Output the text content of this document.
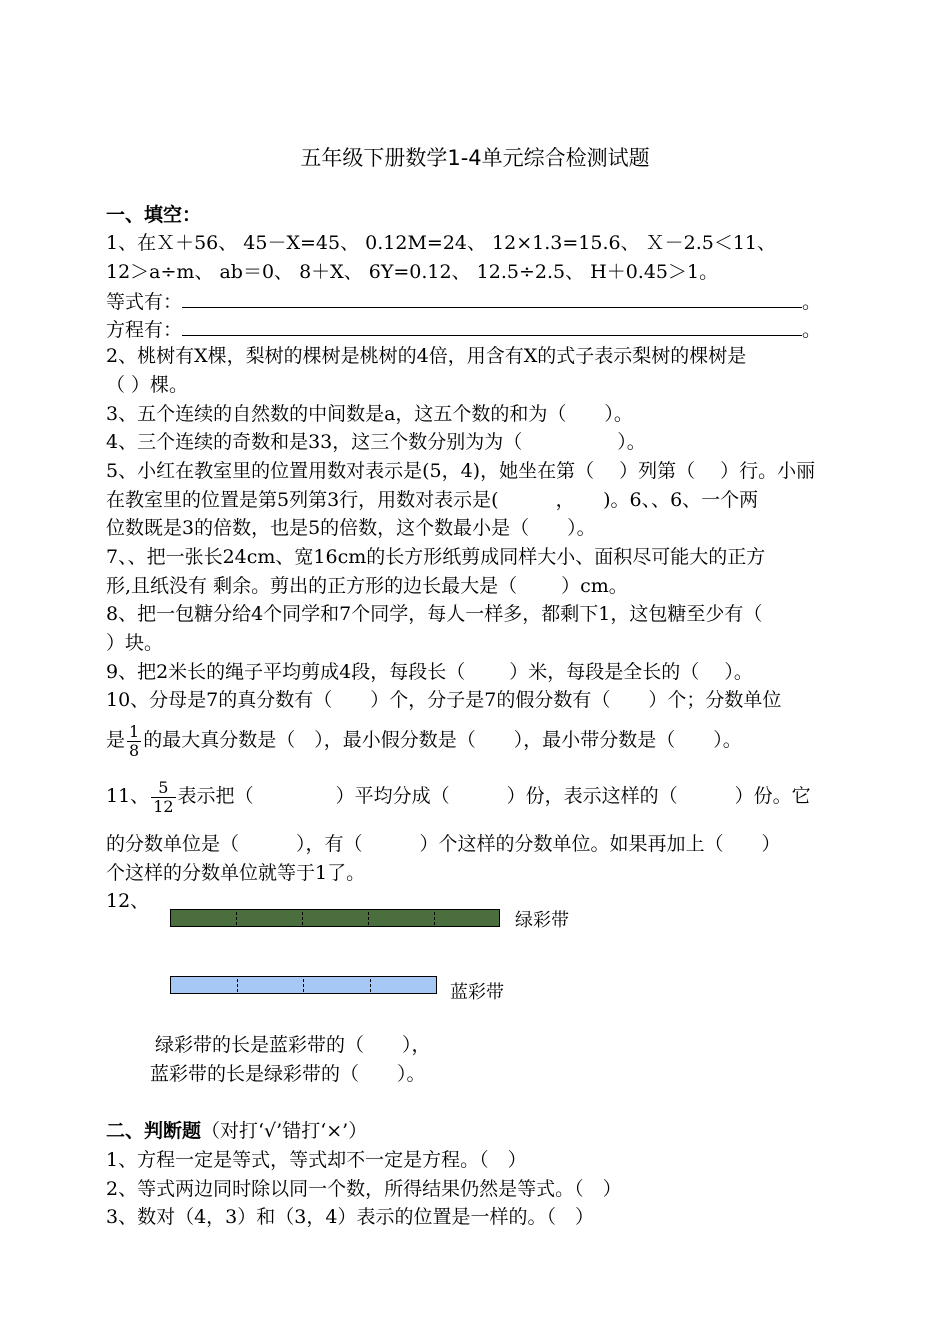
五年级下册数学1-4单元综合检测试题
一、填空：
1、在Ｘ＋56、 45－X=45、 0.12M=24、 12×1.3=15.6、 Ｘ－2.5＜11、
12＞a÷m、 ab＝0、 8＋X、 6Y=0.12、 12.5÷2.5、 H＋0.45＞1。
等式有：	。
方程有：	。
2、桃树有X棵，梨树的棵树是桃树的4倍，用含有X的式子表示梨树的棵树是
（ ）棵。
3、五个连续的自然数的中间数是a，这五个数的和为（　　）。
4、三个连续的奇数和是33，这三个数分别为为（　　　　　）。
5、小红在教室里的位置用数对表示是(5，4)，她坐在第（　 ）列第（　 ）行。小丽
在教室里的位置是第5列第3行，用数对表示是(　　　，　　)。6、、6、一个两
位数既是3的倍数，也是5的倍数，这个数最小是（　　）。
7、、把一张长24cm、宽16cm的长方形纸剪成同样大小、面积尽可能大的正方
形,且纸没有 剩余。剪出的正方形的边长最大是（　　 ）cm。
8、把一包糖分给4个同学和7个同学，每人一样多，都剩下1，这包糖至少有（
）块。
9、把2米长的绳子平均剪成4段，每段长（　　 ）米，每段是全长的（　 ）。
10、分母是7的真分数有（　　）个，分子是7的假分数有（　　）个；分数单位
是 $\frac{1}{8}$ 的最大真分数是（　），最小假分数是（　　），最小带分数是（　　）。
11、 $\frac{5}{12}$ 表示把（　　　　 ）平均分成（　　　）份，表示这样的（　　　）份。它
的分数单位是（　　　），有（　　　）个这样的分数单位。如果再加上（　　）
个这样的分数单位就等于1了。
12、
绿彩带
蓝彩带
绿彩带的长是蓝彩带的（　　），
蓝彩带的长是绿彩带的（　　）。
二、判断题（对打‘√’错打‘×’）
1、方程一定是等式，等式却不一定是方程。（　）
2、等式两边同时除以同一个数，所得结果仍然是等式。（　）
3、数对（4，3）和（3，4）表示的位置是一样的。（　）
